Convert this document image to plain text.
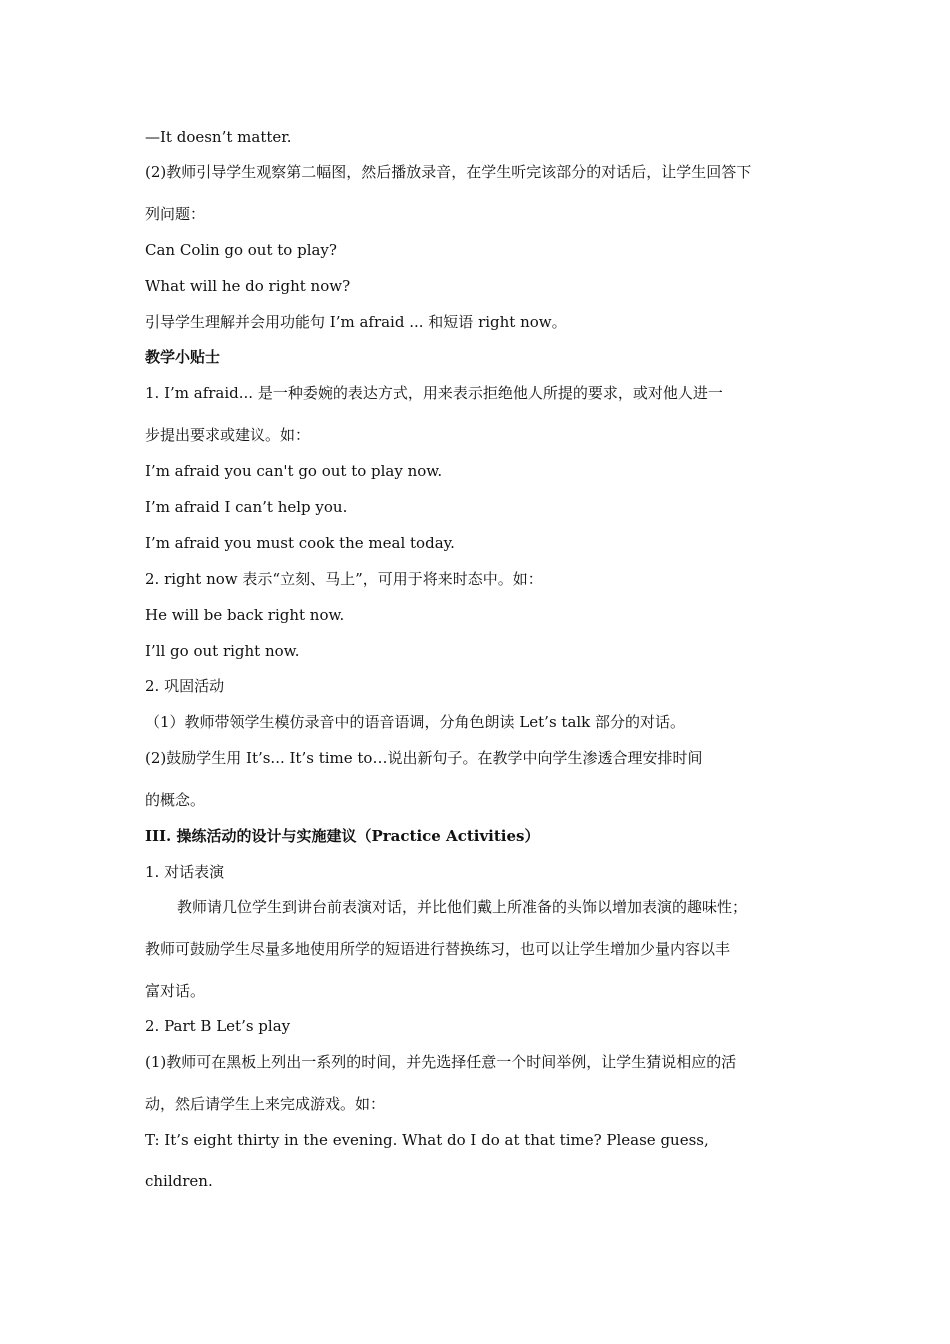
—It doesn’t matter.
(2)教师引导学生观察第二幅图，然后播放录音，在学生听完该部分的对话后，让学生回答下
列问题：
Can Colin go out to play?
What will he do right now?
引导学生理解并会用功能句 I’m afraid ... 和短语 right now。
教学小贴士
1. I’m afraid... 是一种委婉的表达方式，用来表示拒绝他人所提的要求，或对他人进一
步提出要求或建议。如：
I’m afraid you can't go out to play now.
I’m afraid I can’t help you.
I’m afraid you must cook the meal today.
2. right now 表示“立刻、马上”，可用于将来时态中。如：
He will be back right now.
I’ll go out right now.
2. 巩固活动
（1）教师带领学生模仿录音中的语音语调，分角色朗读 Let’s talk 部分的对话。
(2)鼓励学生用 It’s... It’s time to…说出新句子。在教学中向学生渗透合理安排时间
的概念。
III. 操练活动的设计与实施建议（Practice Activities）
1. 对话表演
教师请几位学生到讲台前表演对话，并比他们戴上所准备的头饰以增加表演的趣味性；
教师可鼓励学生尽量多地使用所学的短语进行替换练习，也可以让学生增加少量内容以丰
富对话。
2. Part B Let’s play
(1)教师可在黑板上列出一系列的时间，并先选择任意一个时间举例，让学生猜说相应的活
动，然后请学生上来完成游戏。如：
T: It’s eight thirty in the evening. What do I do at that time? Please guess,
children.
